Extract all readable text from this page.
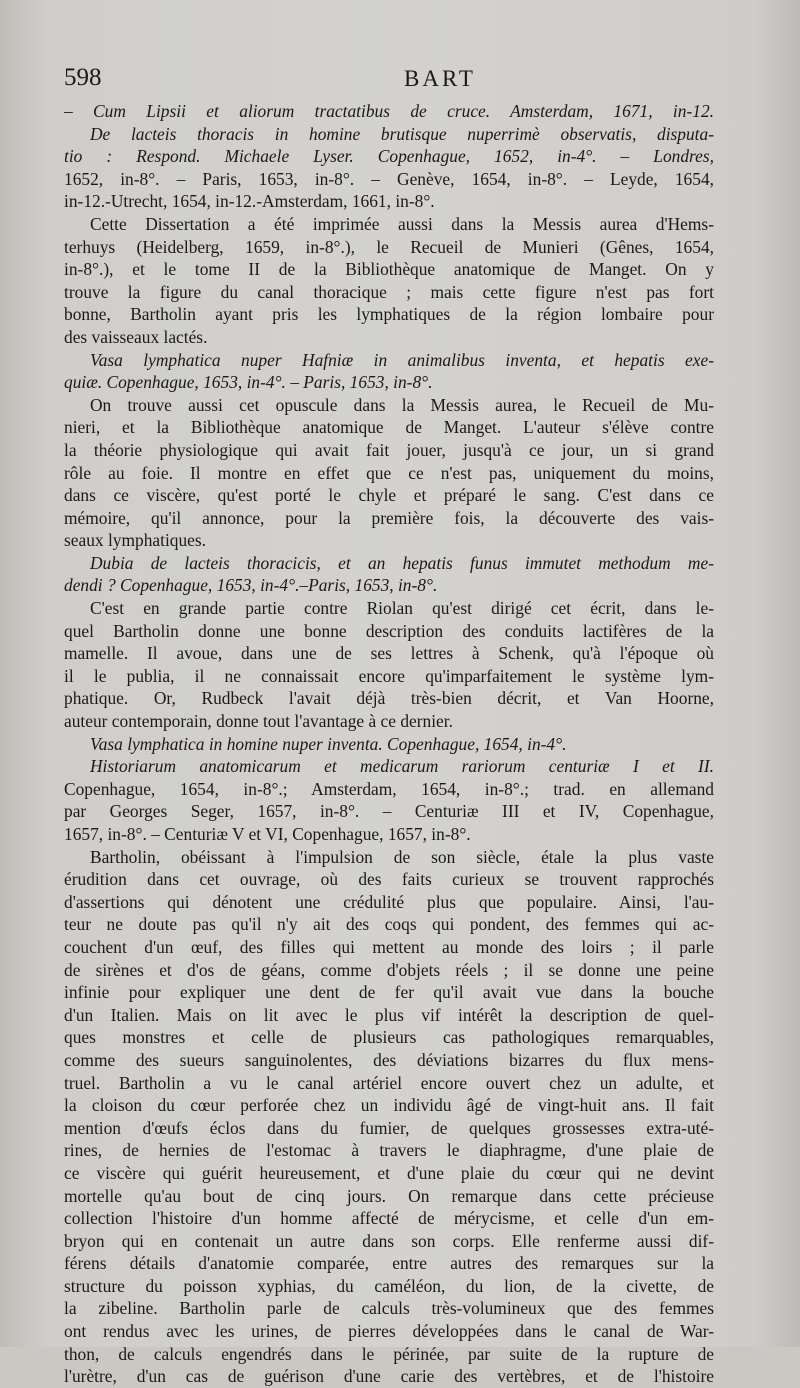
598	BART
– Cum Lipsii et aliorum tractatibus de cruce. Amsterdam, 1671, in-12.
De lacteis thoracis in homine brutisque nuperrimè observatis, disputa-
tio : Respond. Michaele Lyser. Copenhague, 1652, in-4°. – Londres,
1652, in-8°. – Paris, 1653, in-8°. – Genève, 1654, in-8°. – Leyde, 1654,
in-12.-Utrecht, 1654, in-12.-Amsterdam, 1661, in-8°.
Cette Dissertation a été imprimée aussi dans la Messis aurea d'Hems-
terhuys (Heidelberg, 1659, in-8°.), le Recueil de Munieri (Gênes, 1654,
in-8°.), et le tome II de la Bibliothèque anatomique de Manget. On y
trouve la figure du canal thoracique ; mais cette figure n'est pas fort
bonne, Bartholin ayant pris les lymphatiques de la région lombaire pour
des vaisseaux lactés.
Vasa lymphatica nuper Hafniæ in animalibus inventa, et hepatis exe-
quiæ. Copenhague, 1653, in-4°. – Paris, 1653, in-8°.
On trouve aussi cet opuscule dans la Messis aurea, le Recueil de Mu-
nieri, et la Bibliothèque anatomique de Manget. L'auteur s'élève contre
la théorie physiologique qui avait fait jouer, jusqu'à ce jour, un si grand
rôle au foie. Il montre en effet que ce n'est pas, uniquement du moins,
dans ce viscère, qu'est porté le chyle et préparé le sang. C'est dans ce
mémoire, qu'il annonce, pour la première fois, la découverte des vais-
seaux lymphatiques.
Dubia de lacteis thoracicis, et an hepatis funus immutet methodum me-
dendi ? Copenhague, 1653, in-4°.–Paris, 1653, in-8°.
C'est en grande partie contre Riolan qu'est dirigé cet écrit, dans le-
quel Bartholin donne une bonne description des conduits lactifères de la
mamelle. Il avoue, dans une de ses lettres à Schenk, qu'à l'époque où
il le publia, il ne connaissait encore qu'imparfaitement le système lym-
phatique. Or, Rudbeck l'avait déjà très-bien décrit, et Van Hoorne,
auteur contemporain, donne tout l'avantage à ce dernier.
Vasa lymphatica in homine nuper inventa. Copenhague, 1654, in-4°.
Historiarum anatomicarum et medicarum rariorum centuriæ I et II.
Copenhague, 1654, in-8°.; Amsterdam, 1654, in-8°.; trad. en allemand
par Georges Seger, 1657, in-8°. – Centuriæ III et IV, Copenhague,
1657, in-8°. – Centuriæ V et VI, Copenhague, 1657, in-8°.
Bartholin, obéissant à l'impulsion de son siècle, étale la plus vaste
érudition dans cet ouvrage, où des faits curieux se trouvent rapprochés
d'assertions qui dénotent une crédulité plus que populaire. Ainsi, l'au-
teur ne doute pas qu'il n'y ait des coqs qui pondent, des femmes qui ac-
couchent d'un œuf, des filles qui mettent au monde des loirs ; il parle
de sirènes et d'os de géans, comme d'objets réels ; il se donne une peine
infinie pour expliquer une dent de fer qu'il avait vue dans la bouche
d'un Italien. Mais on lit avec le plus vif intérêt la description de quel-
ques monstres et celle de plusieurs cas pathologiques remarquables,
comme des sueurs sanguinolentes, des déviations bizarres du flux mens-
truel. Bartholin a vu le canal artériel encore ouvert chez un adulte, et
la cloison du cœur perforée chez un individu âgé de vingt-huit ans. Il fait
mention d'œufs éclos dans du fumier, de quelques grossesses extra-uté-
rines, de hernies de l'estomac à travers le diaphragme, d'une plaie de
ce viscère qui guérit heureusement, et d'une plaie du cœur qui ne devint
mortelle qu'au bout de cinq jours. On remarque dans cette précieuse
collection l'histoire d'un homme affecté de mérycisme, et celle d'un em-
bryon qui en contenait un autre dans son corps. Elle renferme aussi dif-
férens détails d'anatomie comparée, entre autres des remarques sur la
structure du poisson xyphias, du caméléon, du lion, de la civette, de
la zibeline. Bartholin parle de calculs très-volumineux que des femmes
ont rendus avec les urines, de pierres développées dans le canal de War-
thon, de calculs engendrés dans le périnée, par suite de la rupture de
l'urètre, d'un cas de guérison d'une carie des vertèbres, et de l'histoire
